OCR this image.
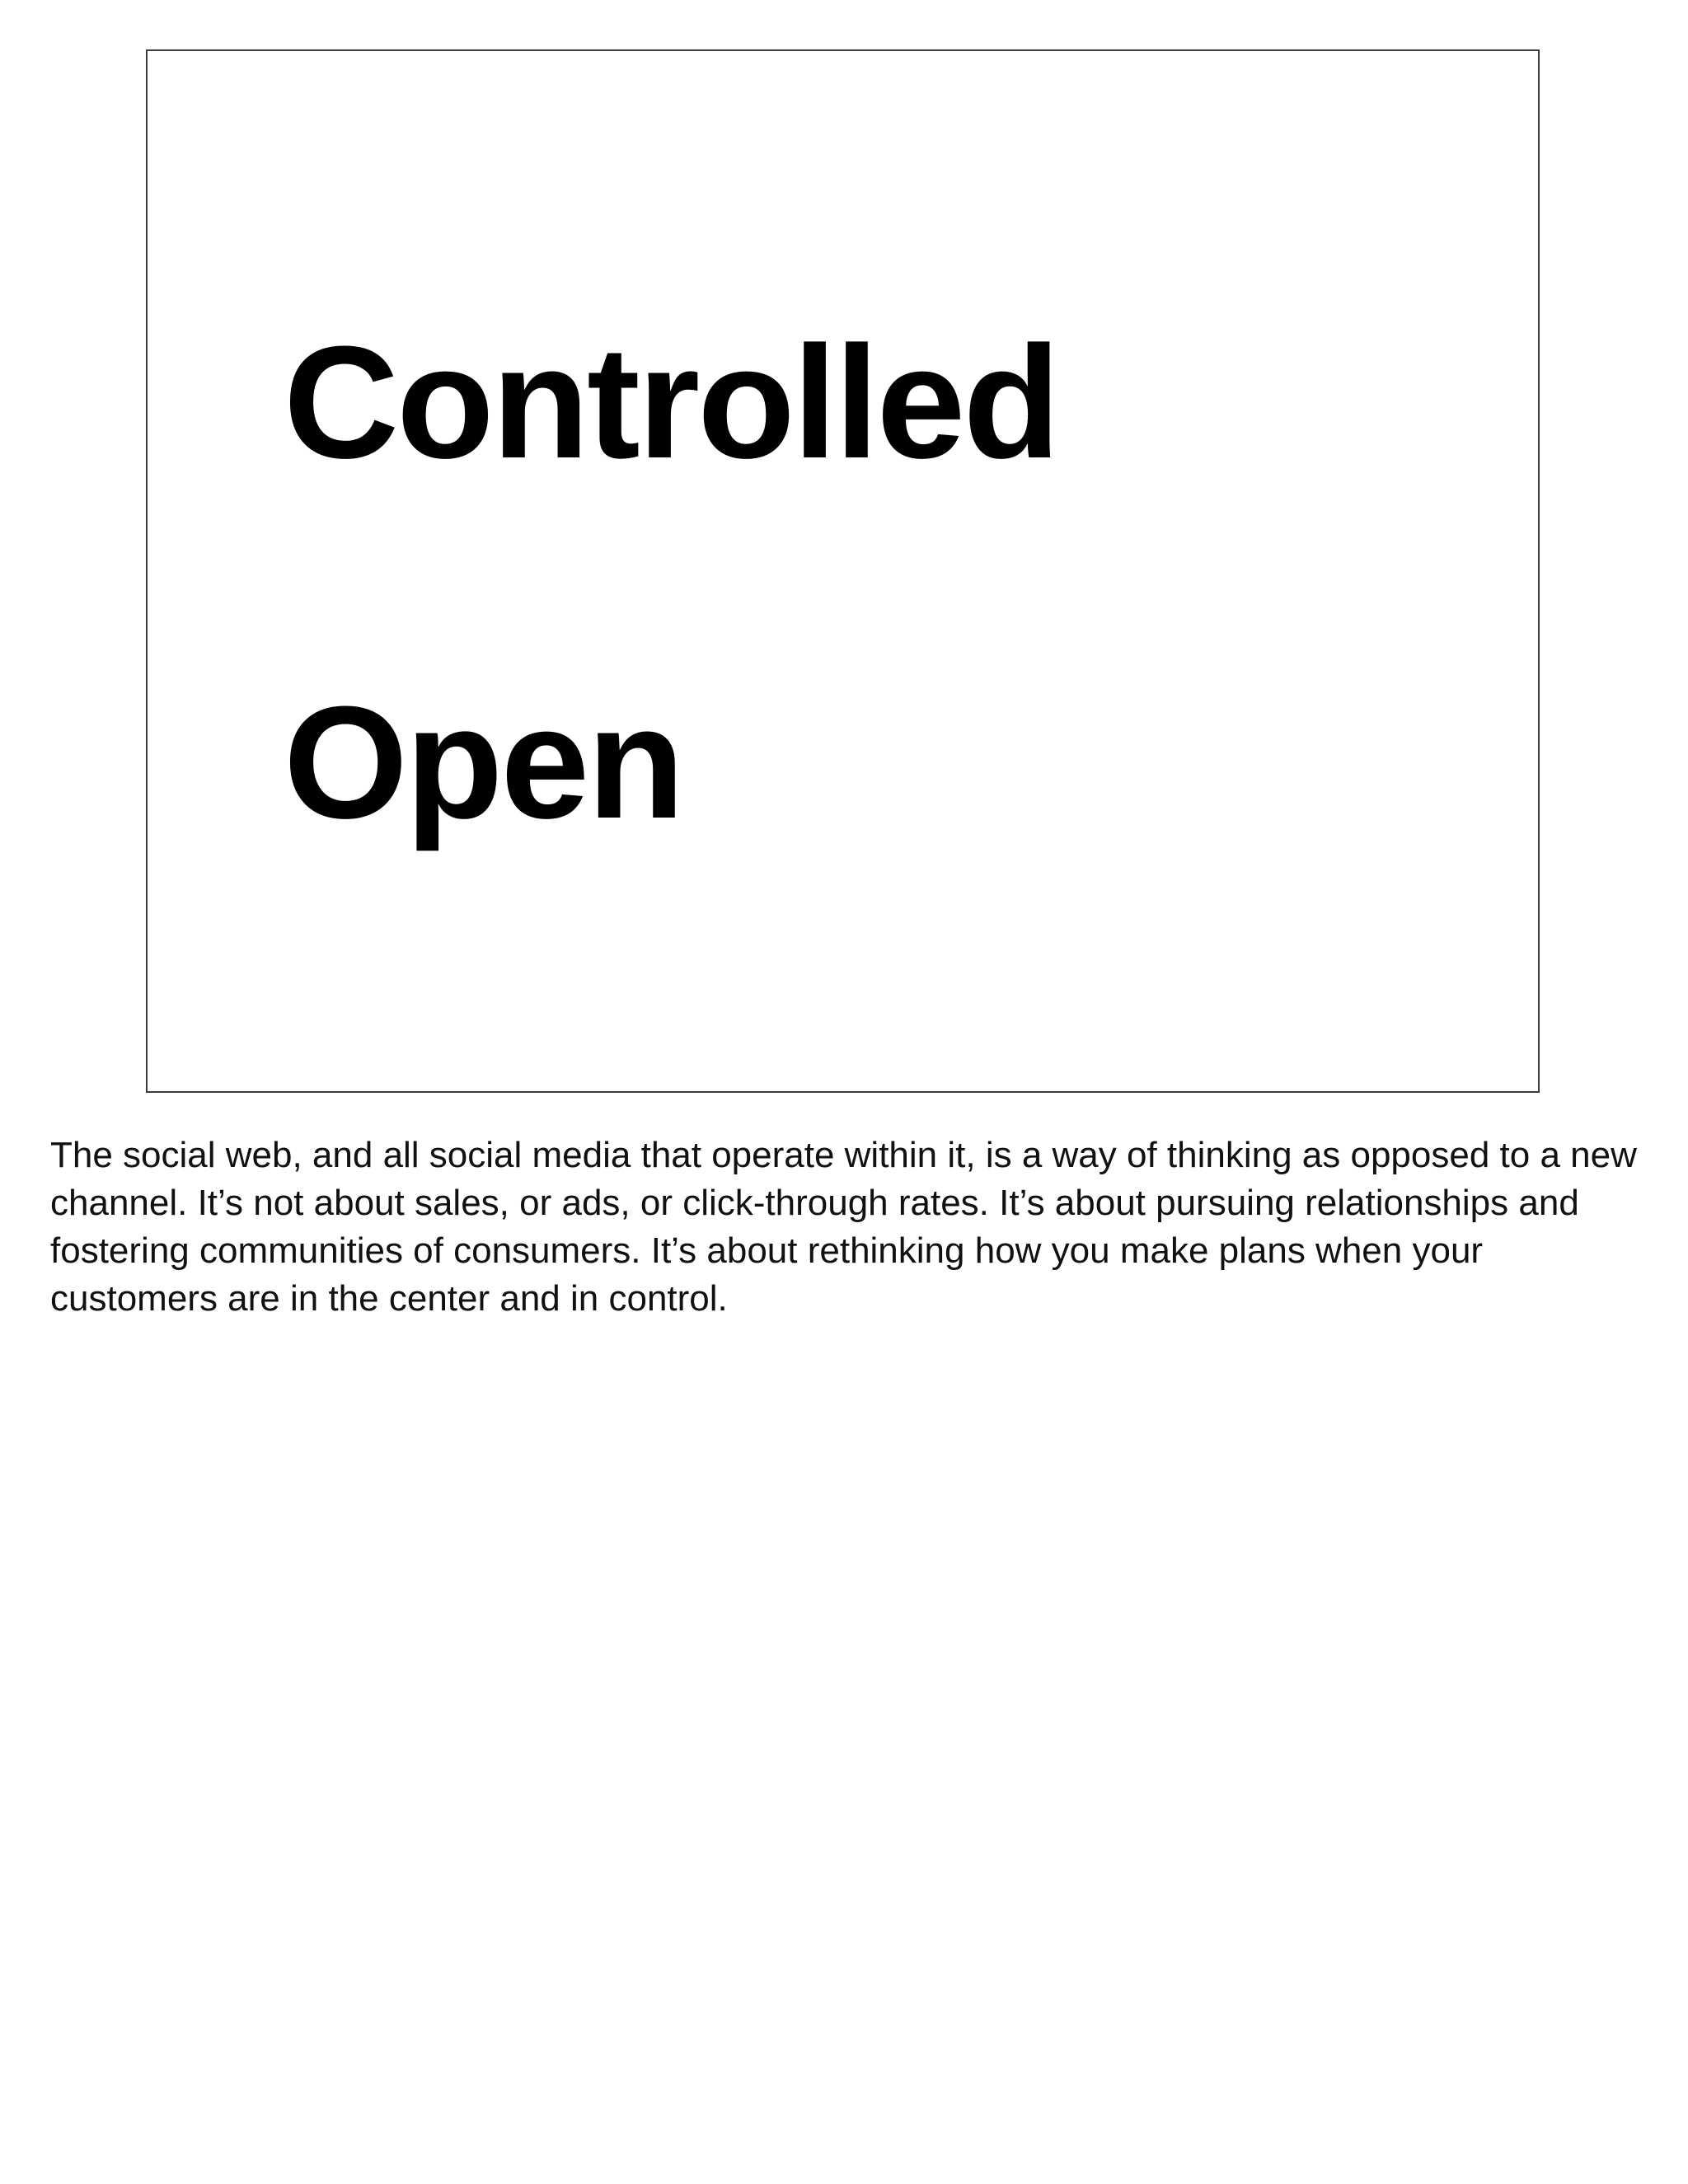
Controlled
Open

The social web, and all social media that operate within it, is a way of thinking as opposed to a new channel. It’s not about sales, or ads, or click-through rates. It’s about pursuing relationships and fostering communities of consumers. It’s about rethinking how you make plans when your customers are in the center and in control.
